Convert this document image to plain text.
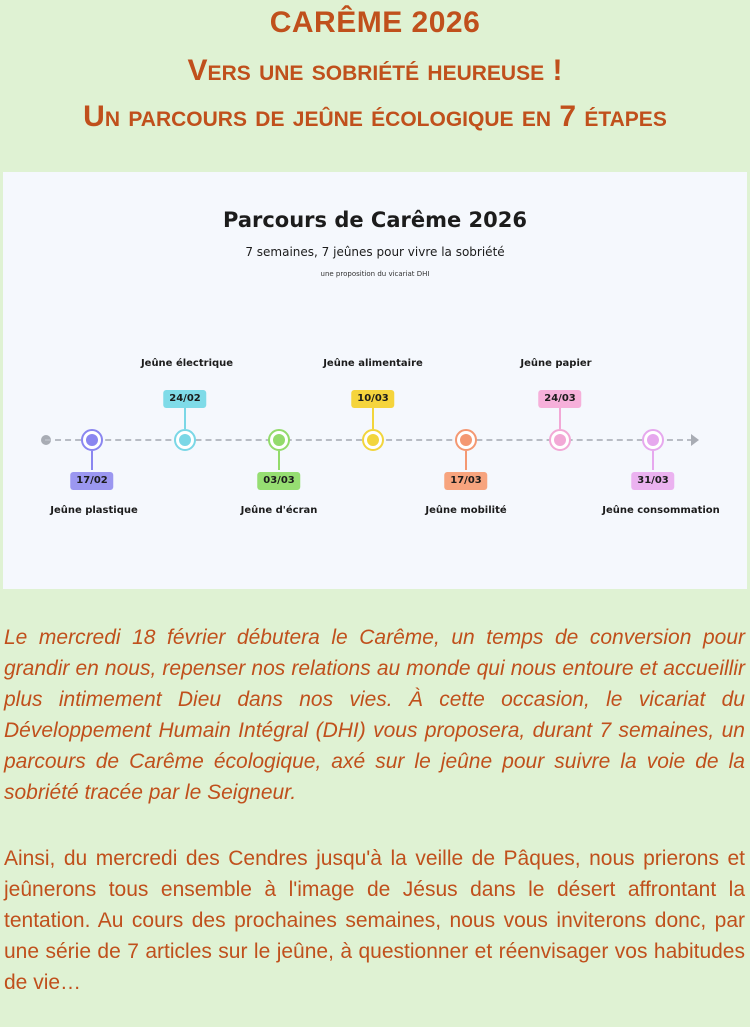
CARÊME 2026
Vers une sobriété heureuse !
Un parcours de jeûne écologique en 7 étapes
Parcours de Carême 2026
7 semaines, 7 jeûnes pour vivre la sobriété
une proposition du vicariat DHI
17/02
Jeûne plastique
24/02
Jeûne électrique
03/03
Jeûne d'écran
10/03
Jeûne alimentaire
17/03
Jeûne mobilité
24/03
Jeûne papier
31/03
Jeûne consommation

Le mercredi 18 février débutera le Carême, un temps de conversion pour grandir en nous, repenser nos relations au monde qui nous entoure et accueillir plus intimement Dieu dans nos vies. À cette occasion, le vicariat du Développement Humain Intégral (DHI) vous proposera, durant 7 semaines, un parcours de Carême écologique, axé sur le jeûne pour suivre la voie de la sobriété tracée par le Seigneur.

Ainsi, du mercredi des Cendres jusqu'à la veille de Pâques, nous prierons et jeûnerons tous ensemble à l'image de Jésus dans le désert affrontant la tentation. Au cours des prochaines semaines, nous vous inviterons donc, par une série de 7 articles sur le jeûne, à questionner et réenvisager vos habitudes de vie…
